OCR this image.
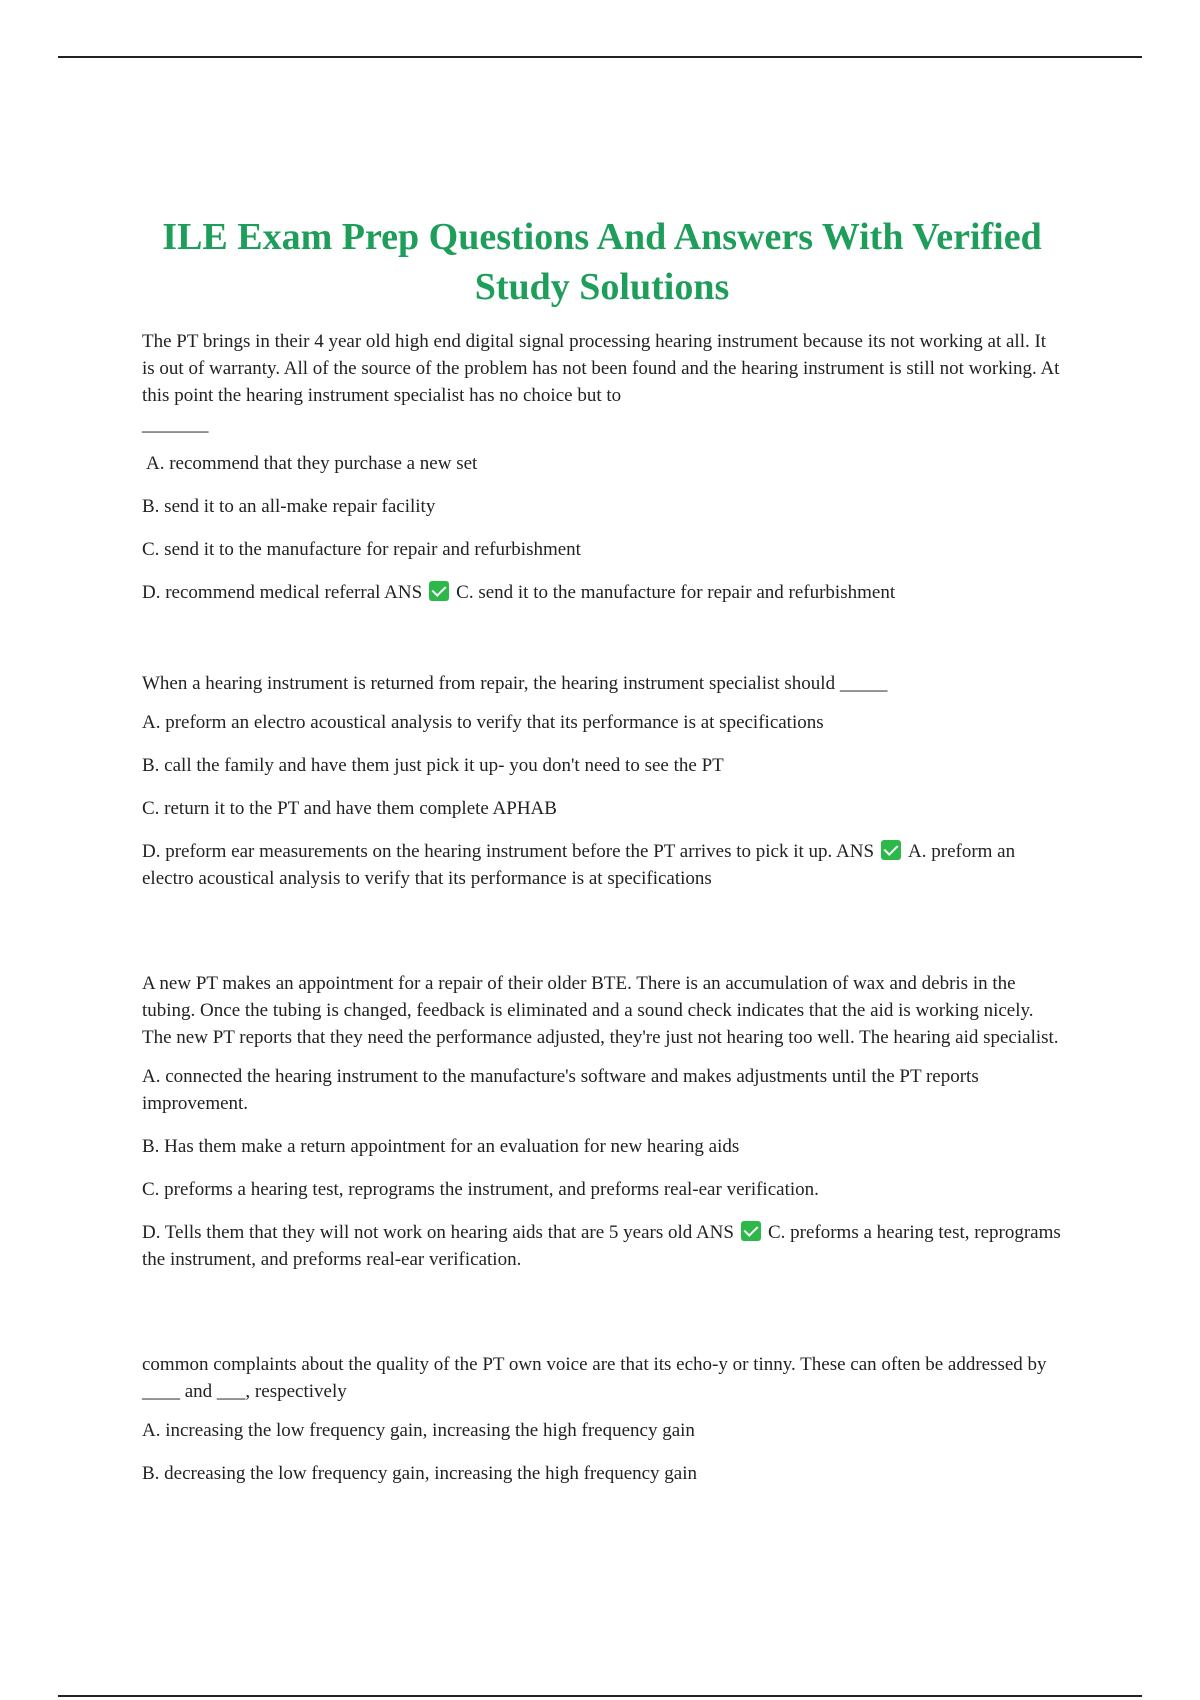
ILE Exam Prep Questions And Answers With Verified Study Solutions

The PT brings in their 4 year old high end digital signal processing hearing instrument because its not working at all. It is out of warranty. All of the source of the problem has not been found and the hearing instrument is still not working. At this point the hearing instrument specialist has no choice but to
_______

A. recommend that they purchase a new set

B. send it to an all-make repair facility

C. send it to the manufacture for repair and refurbishment

D. recommend medical referral ANS C. send it to the manufacture for repair and refurbishment

When a hearing instrument is returned from repair, the hearing instrument specialist should _____

A. preform an electro acoustical analysis to verify that its performance is at specifications

B. call the family and have them just pick it up- you don't need to see the PT

C. return it to the PT and have them complete APHAB

D. preform ear measurements on the hearing instrument before the PT arrives to pick it up. ANS A. preform an electro acoustical analysis to verify that its performance is at specifications

A new PT makes an appointment for a repair of their older BTE. There is an accumulation of wax and debris in the tubing. Once the tubing is changed, feedback is eliminated and a sound check indicates that the aid is working nicely. The new PT reports that they need the performance adjusted, they're just not hearing too well. The hearing aid specialist.

A. connected the hearing instrument to the manufacture's software and makes adjustments until the PT reports improvement.

B. Has them make a return appointment for an evaluation for new hearing aids

C. preforms a hearing test, reprograms the instrument, and preforms real-ear verification.

D. Tells them that they will not work on hearing aids that are 5 years old ANS C. preforms a hearing test, reprograms the instrument, and preforms real-ear verification.

common complaints about the quality of the PT own voice are that its echo-y or tinny. These can often be addressed by ____ and ___, respectively

A. increasing the low frequency gain, increasing the high frequency gain

B. decreasing the low frequency gain, increasing the high frequency gain
